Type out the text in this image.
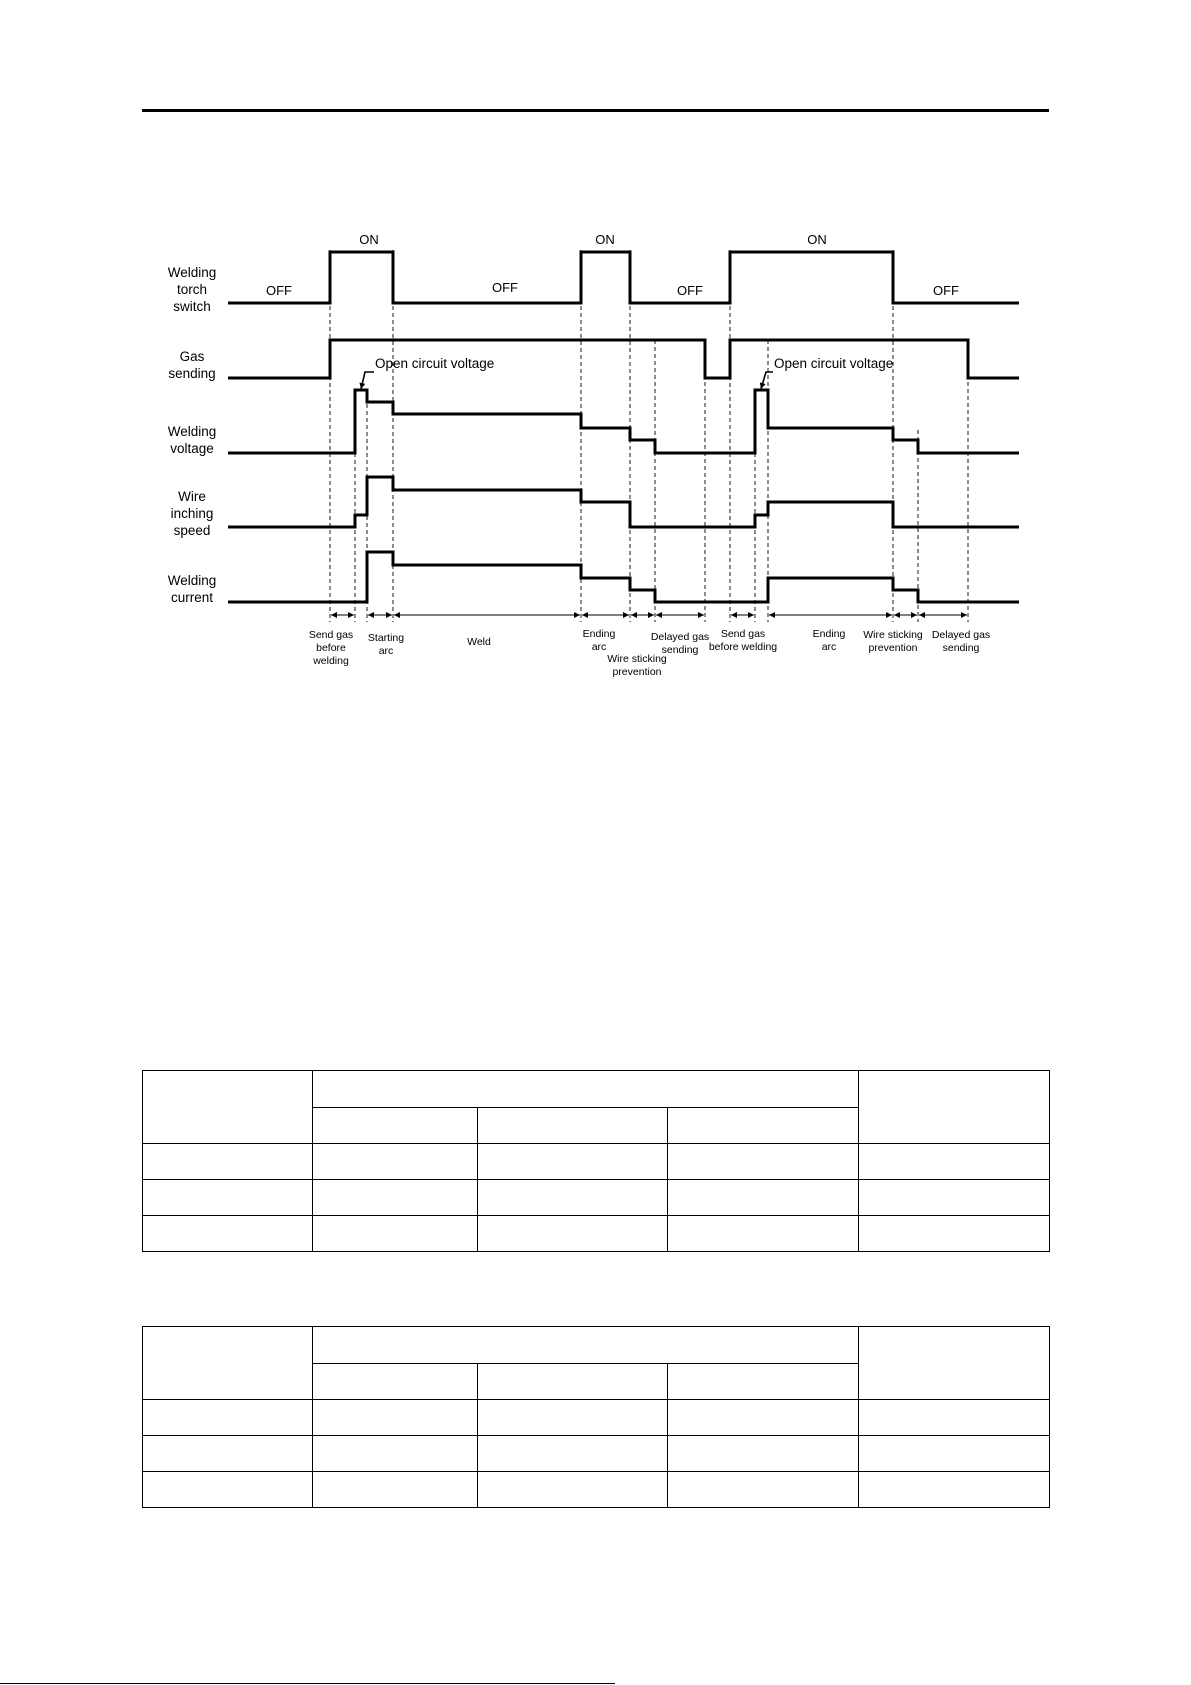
Welding torch switch
Gas sending
Welding voltage
Wire inching speed
Welding current
OFF
ON
OFF
ON
OFF
ON
OFF
Open circuit voltage	Open circuit voltage
Send gas before welding
Starting arc
Weld
Ending arc
Wire sticking prevention
Delayed gas sending
Send gas before welding
Ending arc
Wire sticking prevention
Delayed gas sending
